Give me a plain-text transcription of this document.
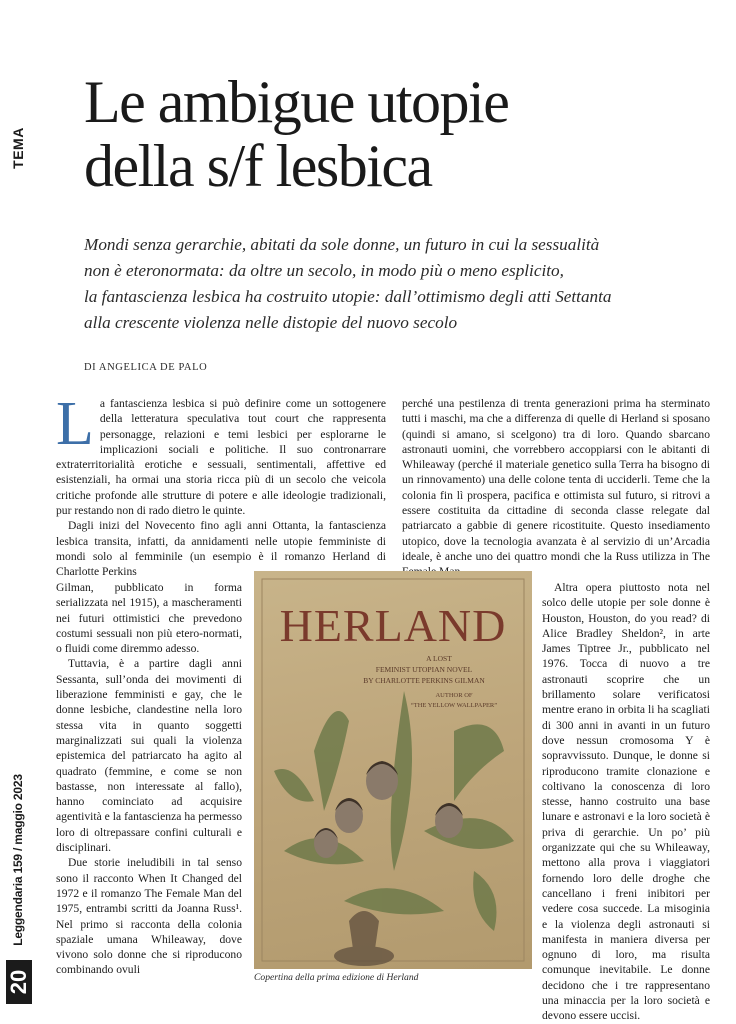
TEMA
Leggendaria 159 / maggio 2023
20
Le ambigue utopie
della s/f lesbica
Mondi senza gerarchie, abitati da sole donne, un futuro in cui la sessualità
non è eteronormata: da oltre un secolo, in modo più o meno esplicito,
la fantascienza lesbica ha costruito utopie: dall’ottimismo degli atti Settanta
alla crescente violenza nelle distopie del nuovo secolo
DI ANGELICA DE PALO

La fantascienza lesbica si può definire come un sottogenere della letteratura speculativa tout court che rappresenta personagge, relazioni e temi lesbici per esplorarne le implicazioni sociali e politiche. Il suo contronarrare extraterritorialità erotiche e sessuali, sentimentali, affettive ed esistenziali, ha ormai una storia ricca più di un secolo che veicola critiche profonde alle strutture di potere e alle ideologie tradizionali, pur restando non di rado dietro le quinte.

Dagli inizi del Novecento fino agli anni Ottanta, la fantascienza lesbica transita, infatti, da annidamenti nelle utopie femministe di mondi solo al femminile (un esempio è il romanzo Herland di Charlotte Perkins

Gilman, pubblicato in forma serializzata nel 1915), a mascheramenti nei futuri ottimistici che prevedono costumi sessuali non più etero-normati, o fluidi come diremmo adesso.

Tuttavia, è a partire dagli anni Sessanta, sull’onda dei movimenti di liberazione femministi e gay, che le donne lesbiche, clandestine nella loro stessa vita in quanto soggetti marginalizzati sui quali la violenza epistemica del patriarcato ha agito al quadrato (femmine, e come se non bastasse, non interessate al fallo), hanno cominciato ad acquisire agentività e la fantascienza ha permesso loro di oltrepassare confini culturali e disciplinari.

Due storie ineludibili in tal senso sono il racconto When It Changed del 1972 e il romanzo The Female Man del 1975, entrambi scritti da Joanna Russ¹. Nel primo si racconta della colonia spaziale umana Whileaway, dove vivono solo donne che si riproducono combinando ovuli

perché una pestilenza di trenta generazioni prima ha sterminato tutti i maschi, ma che a differenza di quelle di Herland si sposano (quindi si amano, si scelgono) tra di loro. Quando sbarcano astronauti uomini, che vorrebbero accoppiarsi con le abitanti di Whileaway (perché il materiale genetico sulla Terra ha bisogno di un rinnovamento) una delle colone tenta di ucciderli. Teme che la colonia fin lì prospera, pacifica e ottimista sul futuro, si ritrovi a essere costituita da cittadine di seconda classe relegate dal patriarcato a gabbie di genere ricostituite. Questo insediamento utopico, dove la tecnologia avanzata è al servizio di un’Arcadia ideale, è anche uno dei quattro mondi che la Russ utilizza in The

Altra opera piuttosto nota nel solco delle utopie per sole donne è Houston, Houston, do you read? di Alice Bradley Sheldon², in arte James Tiptree Jr., pubblicato nel 1976. Tocca di nuovo a tre astronauti scoprire che un brillamento solare verificatosi mentre erano in orbita li ha scagliati di 300 anni in avanti in un futuro dove nessun cromosoma Y è sopravvissuto. Dunque, le donne si riproducono tramite clonazione e coltivano la conoscenza di loro stesse, hanno costruito una base lunare e astronavi e la loro società è priva di gerarchie. Un po’ più organizzate qui che su Whileaway, mettono alla prova i viaggiatori fornendo loro delle droghe che cancellano i freni inibitori per vedere cosa succede. La misoginia e la violenza degli astronauti si manifesta in maniera diversa per ognuno di loro, ma risulta comunque inevitabile. Le donne decidono che i tre rappresentano una minaccia per la loro società e devono essere uccisi.

HERLAND
A LOST
FEMINIST UTOPIAN NOVEL
BY CHARLOTTE PERKINS GILMAN
AUTHOR OF
“THE YELLOW WALLPAPER”
Copertina della prima edizione di Herland
